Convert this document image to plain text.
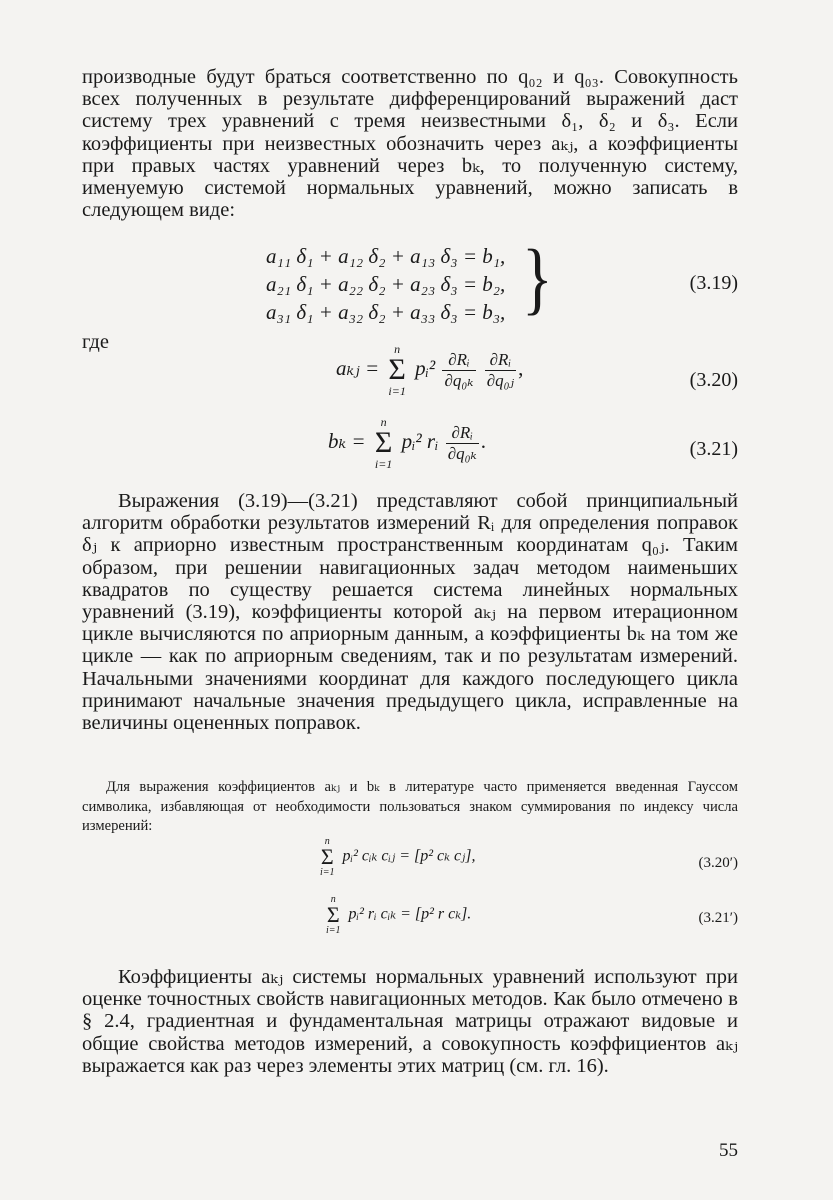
производные будут браться соответственно по q₀₂ и q₀₃. Совокупность всех полученных в результате дифференцирований выражений даст систему трех уравнений с тремя неизвестными δ₁, δ₂ и δ₃. Если коэффициенты при неизвестных обозначить через aₖⱼ, а коэффициенты при правых частях уравнений через bₖ, то полученную систему, именуемую системой нормальных уравнений, можно записать в следующем виде:

a₁₁ δ₁ + a₁₂ δ₂ + a₁₃ δ₃ = b₁,
a₂₁ δ₁ + a₂₂ δ₂ + a₂₃ δ₃ = b₂,
a₃₁ δ₁ + a₃₂ δ₂ + a₃₃ δ₃ = b₃, }	(3.19)
где
aₖⱼ =
n
Σ
i=1
pᵢ² $\frac{\text{∂Rᵢ}}{\text{∂q₀ₖ}}$
$\frac{\text{∂Rᵢ}}{\text{∂q₀ⱼ}}$ ,
(3.20)
bₖ =
n
Σ
i=1
pᵢ² rᵢ $\frac{\text{∂Rᵢ}}{\text{∂q₀ₖ}}$ .	(3.21)

Выражения (3.19)—(3.21) представляют собой принципиальный алгоритм обработки результатов измерений Rᵢ для определения поправок δⱼ к априорно известным пространственным координатам q₀ⱼ. Таким образом, при решении навигационных задач методом наименьших квадратов по существу решается система линейных нормальных уравнений (3.19), коэффициенты которой aₖⱼ на первом итерационном цикле вычисляются по априорным данным, а коэффициенты bₖ на том же цикле — как по априорным сведениям, так и по результатам измерений. Начальными значениями координат для каждого последующего цикла принимают начальные значения предыдущего цикла, исправленные на величины оцененных поправок.

Для выражения коэффициентов aₖⱼ и bₖ в литературе часто применяется введенная Гауссом символика, избавляющая от необходимости пользоваться знаком суммирования по индексу числа измерений:

n
Σ
i=1
pᵢ² cᵢₖ cᵢⱼ = [p² cₖ cⱼ],	(3.20′)
n
Σ
i=1
pᵢ² rᵢ cᵢₖ = [p² r cₖ].	(3.21′)

Коэффициенты aₖⱼ системы нормальных уравнений используют при оценке точностных свойств навигационных методов. Как было отмечено в § 2.4, градиентная и фундаментальная матрицы отражают видовые и общие свойства методов измерений, а совокупность коэффициентов aₖⱼ выражается как раз через элементы этих матриц (см. гл. 16).

55
